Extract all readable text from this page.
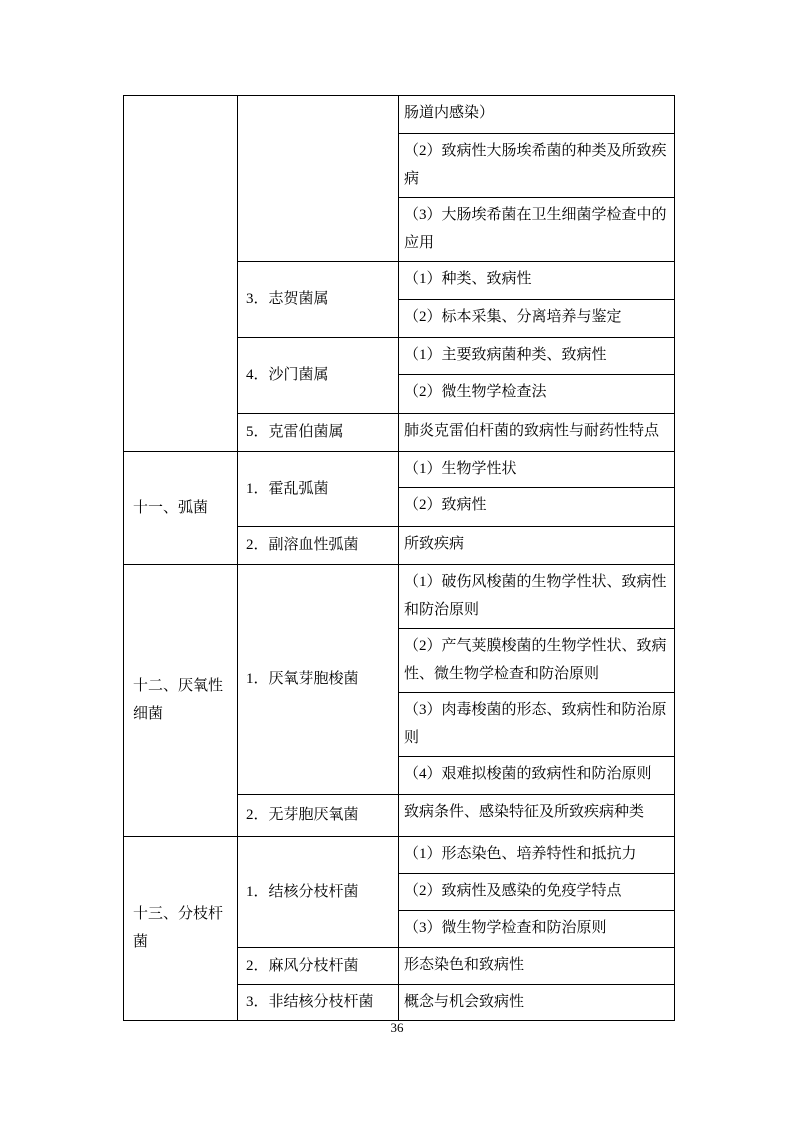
		肠道内感染）
		（2）致病性大肠埃希菌的种类及所致疾病
		（3）大肠埃希菌在卫生细菌学检查中的应用
	3．志贺菌属	（1）种类、致病性
		（2）标本采集、分离培养与鉴定
	4．沙门菌属	（1）主要致病菌种类、致病性
		（2）微生物学检查法
	5．克雷伯菌属	肺炎克雷伯杆菌的致病性与耐药性特点
十一、弧菌	1．霍乱弧菌	（1）生物学性状
		（2）致病性
	2．副溶血性弧菌	所致疾病
十二、厌氧性细菌	1．厌氧芽胞梭菌	（1）破伤风梭菌的生物学性状、致病性和防治原则
		（2）产气荚膜梭菌的生物学性状、致病性、微生物学检查和防治原则
		（3）肉毒梭菌的形态、致病性和防治原则
		（4）艰难拟梭菌的致病性和防治原则
	2．无芽胞厌氧菌	致病条件、感染特征及所致疾病种类
十三、分枝杆菌	1．结核分枝杆菌	（1）形态染色、培养特性和抵抗力
		（2）致病性及感染的免疫学特点
		（3）微生物学检查和防治原则
	2．麻风分枝杆菌	形态染色和致病性
	3．非结核分枝杆菌	概念与机会致病性
36
